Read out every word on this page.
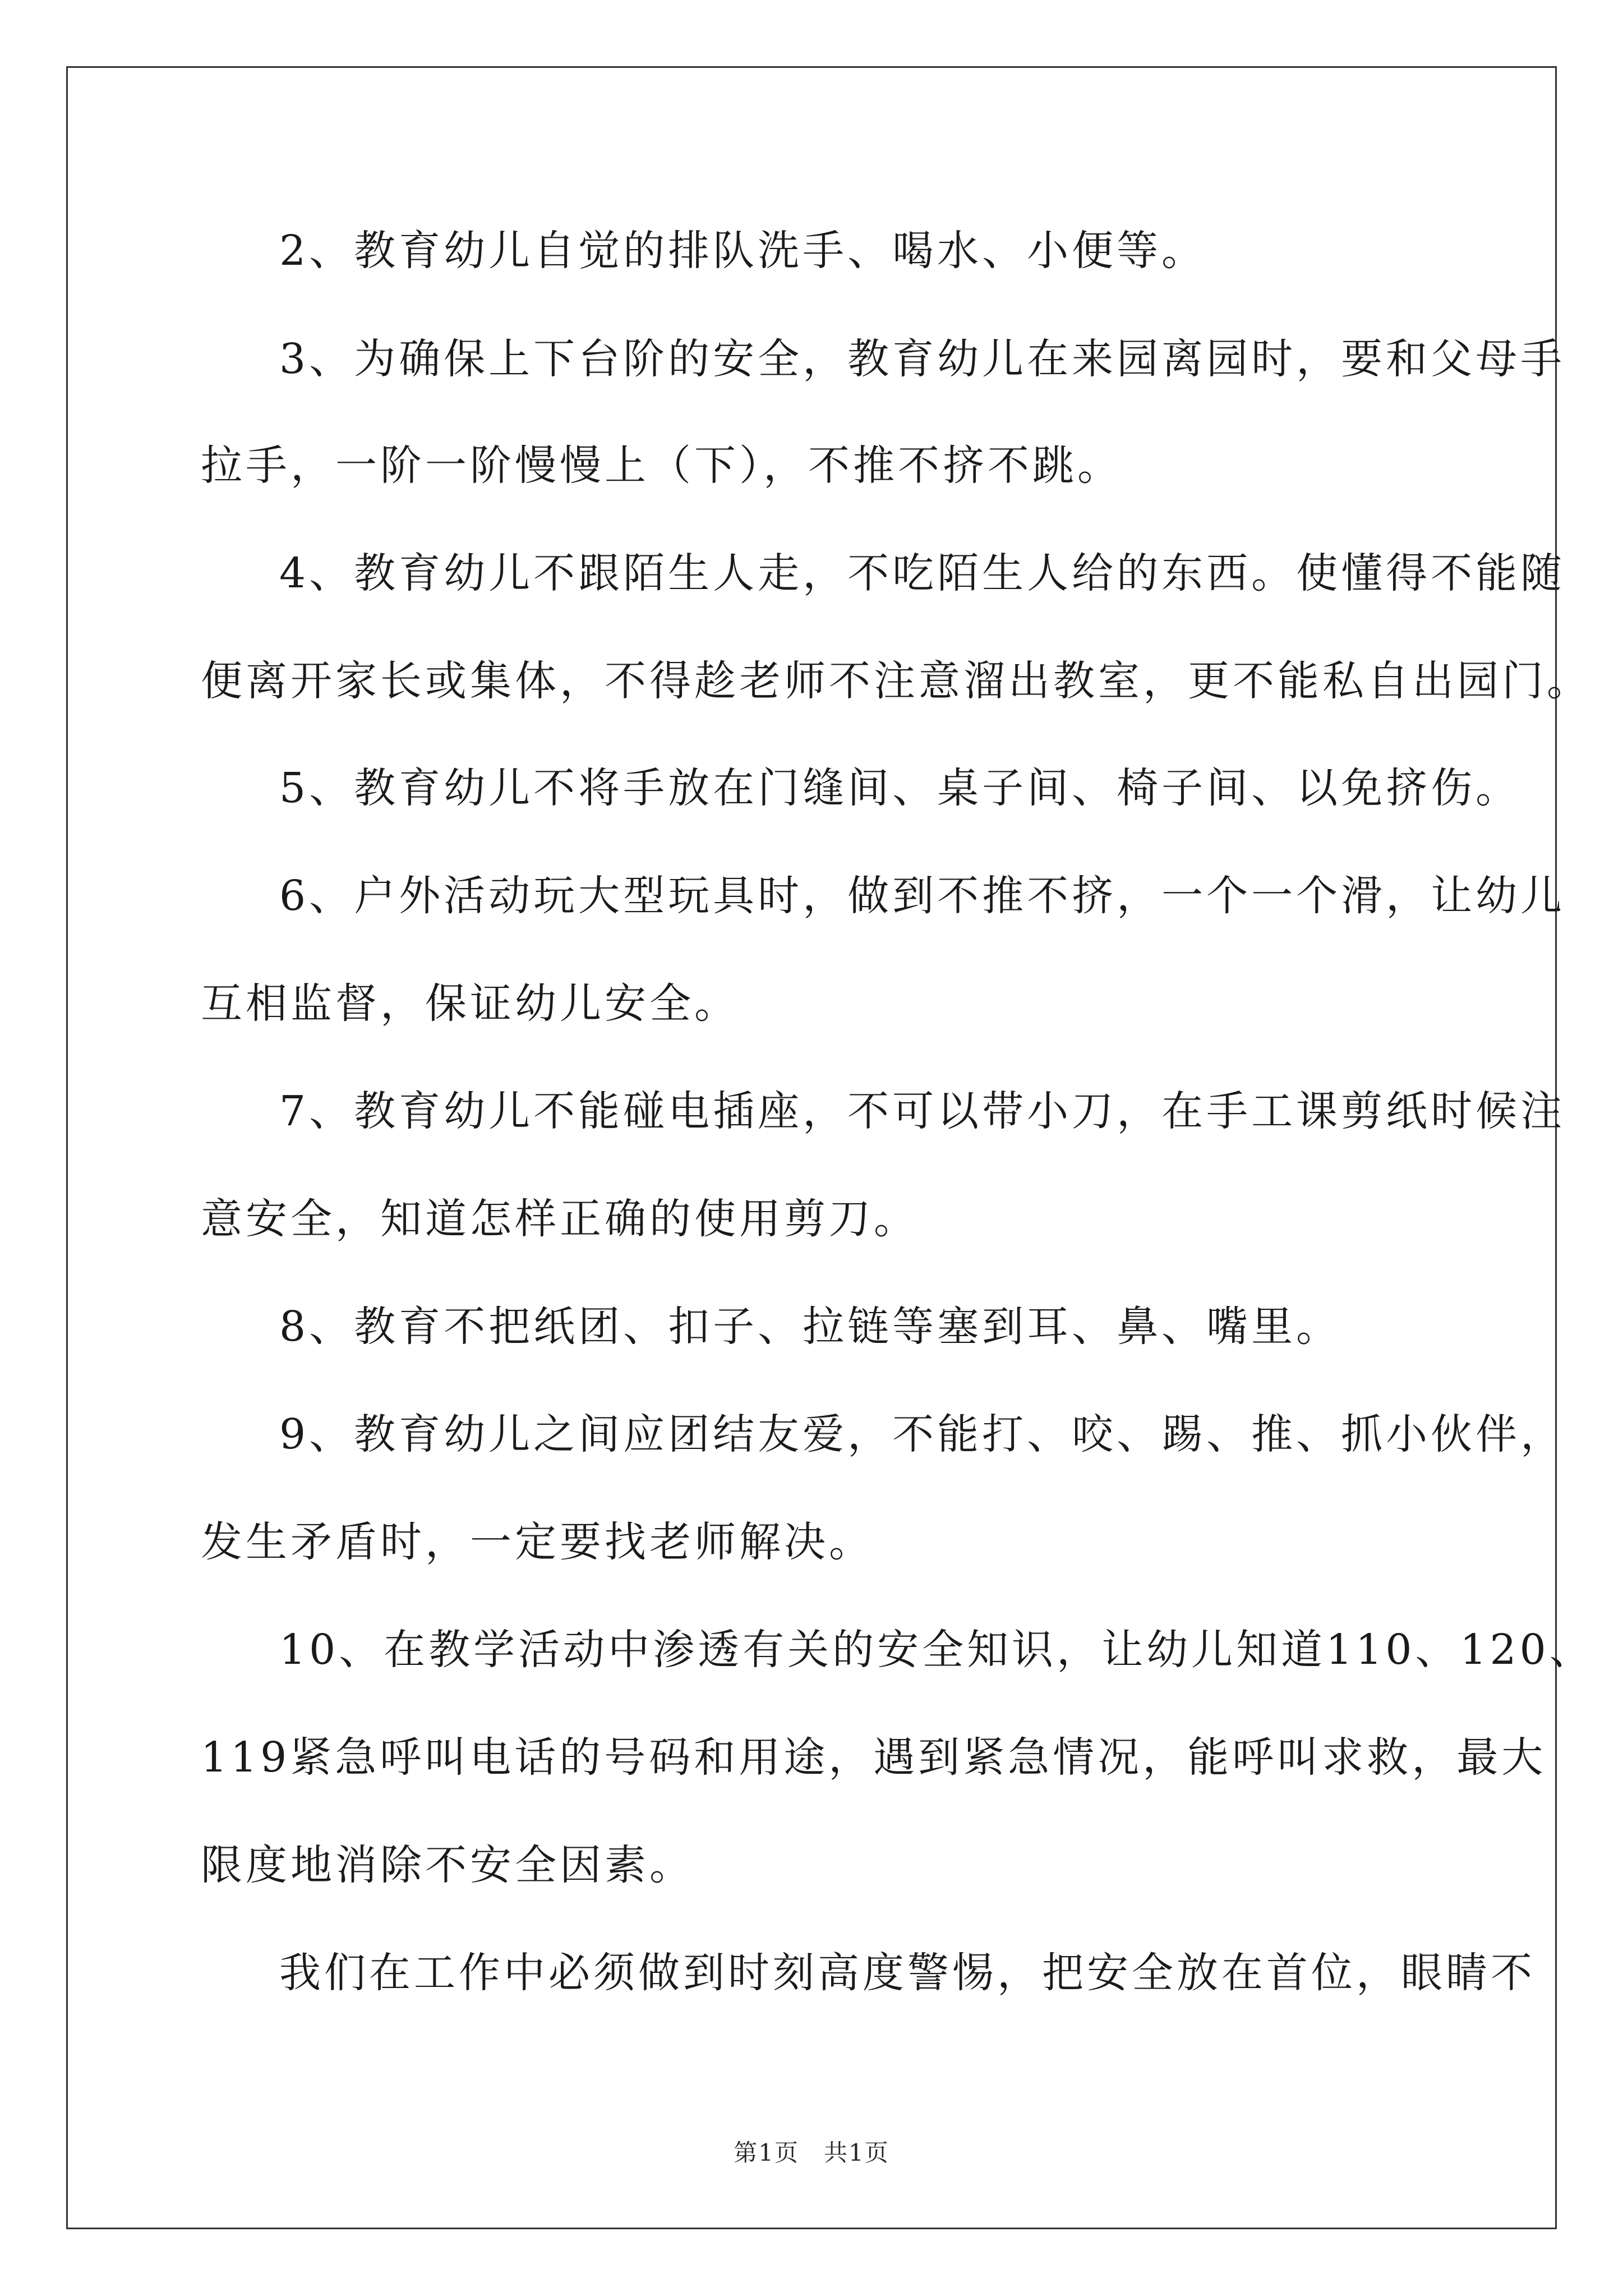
2、教育幼儿自觉的排队洗手、喝水、小便等。
3、为确保上下台阶的安全，教育幼儿在来园离园时，要和父母手
拉手，一阶一阶慢慢上（下），不推不挤不跳。
4、教育幼儿不跟陌生人走，不吃陌生人给的东西。使懂得不能随
便离开家长或集体，不得趁老师不注意溜出教室，更不能私自出园门。
5、教育幼儿不将手放在门缝间、桌子间、椅子间、以免挤伤。
6、户外活动玩大型玩具时，做到不推不挤，一个一个滑，让幼儿
互相监督，保证幼儿安全。
7、教育幼儿不能碰电插座，不可以带小刀，在手工课剪纸时候注
意安全，知道怎样正确的使用剪刀。
8、教育不把纸团、扣子、拉链等塞到耳、鼻、嘴里。
9、教育幼儿之间应团结友爱，不能打、咬、踢、推、抓小伙伴，
发生矛盾时，一定要找老师解决。
10、在教学活动中渗透有关的安全知识，让幼儿知道110、120、
119紧急呼叫电话的号码和用途，遇到紧急情况，能呼叫求救，最大
限度地消除不安全因素。
我们在工作中必须做到时刻高度警惕，把安全放在首位，眼睛不
第1页　共1页
